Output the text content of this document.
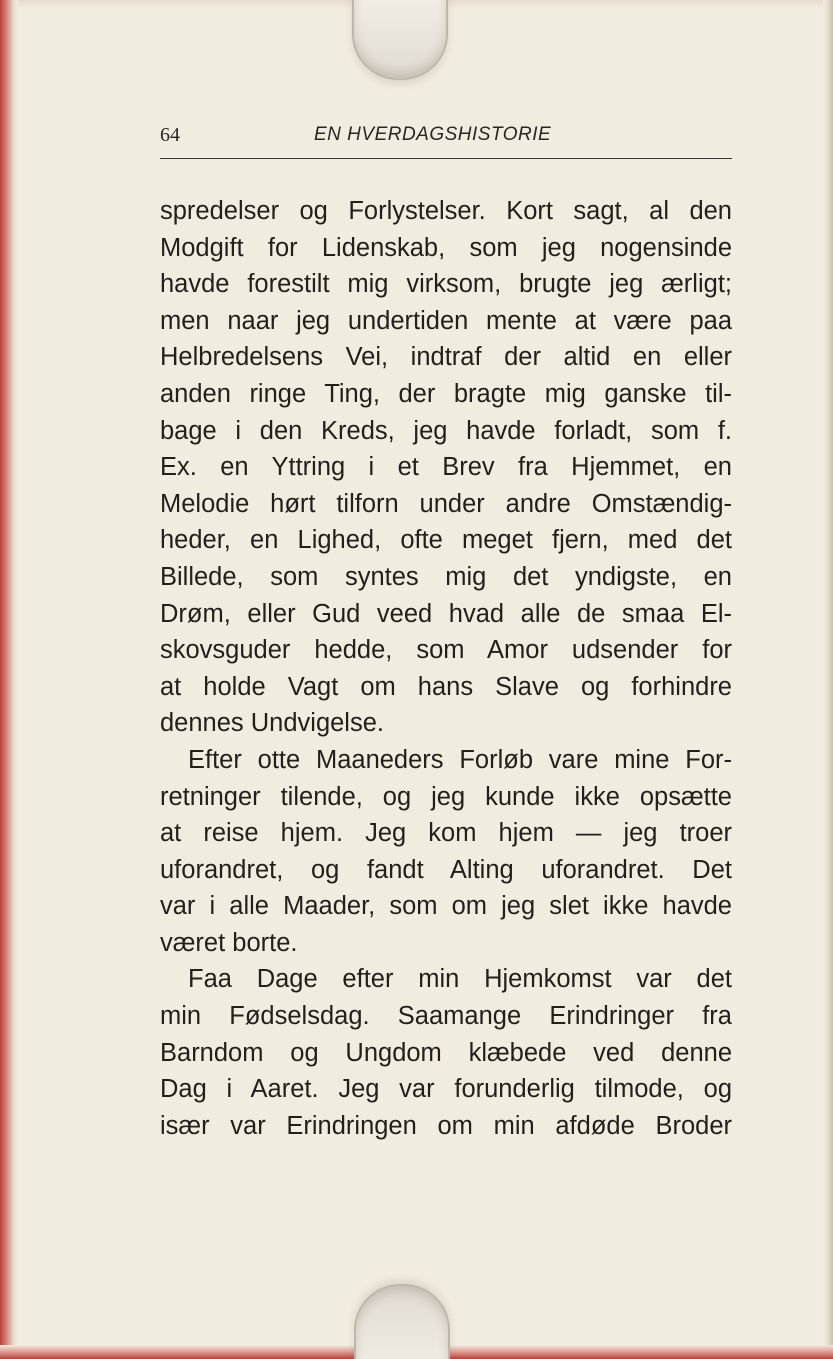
64	EN HVERDAGSHISTORIE
spredelser og Forlystelser. Kort sagt, al den
Modgift for Lidenskab, som jeg nogensinde
havde forestilt mig virksom, brugte jeg ærligt;
men naar jeg undertiden mente at være paa
Helbredelsens Vei, indtraf der altid en eller
anden ringe Ting, der bragte mig ganske til-
bage i den Kreds, jeg havde forladt, som f.
Ex. en Yttring i et Brev fra Hjemmet, en
Melodie hørt tilforn under andre Omstændig-
heder, en Lighed, ofte meget fjern, med det
Billede, som syntes mig det yndigste, en
Drøm, eller Gud veed hvad alle de smaa El-
skovsguder hedde, som Amor udsender for
at holde Vagt om hans Slave og forhindre
dennes Undvigelse.
Efter otte Maaneders Forløb vare mine For-
retninger tilende, og jeg kunde ikke opsætte
at reise hjem. Jeg kom hjem — jeg troer
uforandret, og fandt Alting uforandret. Det
var i alle Maader, som om jeg slet ikke havde
været borte.
Faa Dage efter min Hjemkomst var det
min Fødselsdag. Saamange Erindringer fra
Barndom og Ungdom klæbede ved denne
Dag i Aaret. Jeg var forunderlig tilmode, og
især var Erindringen om min afdøde Broder
